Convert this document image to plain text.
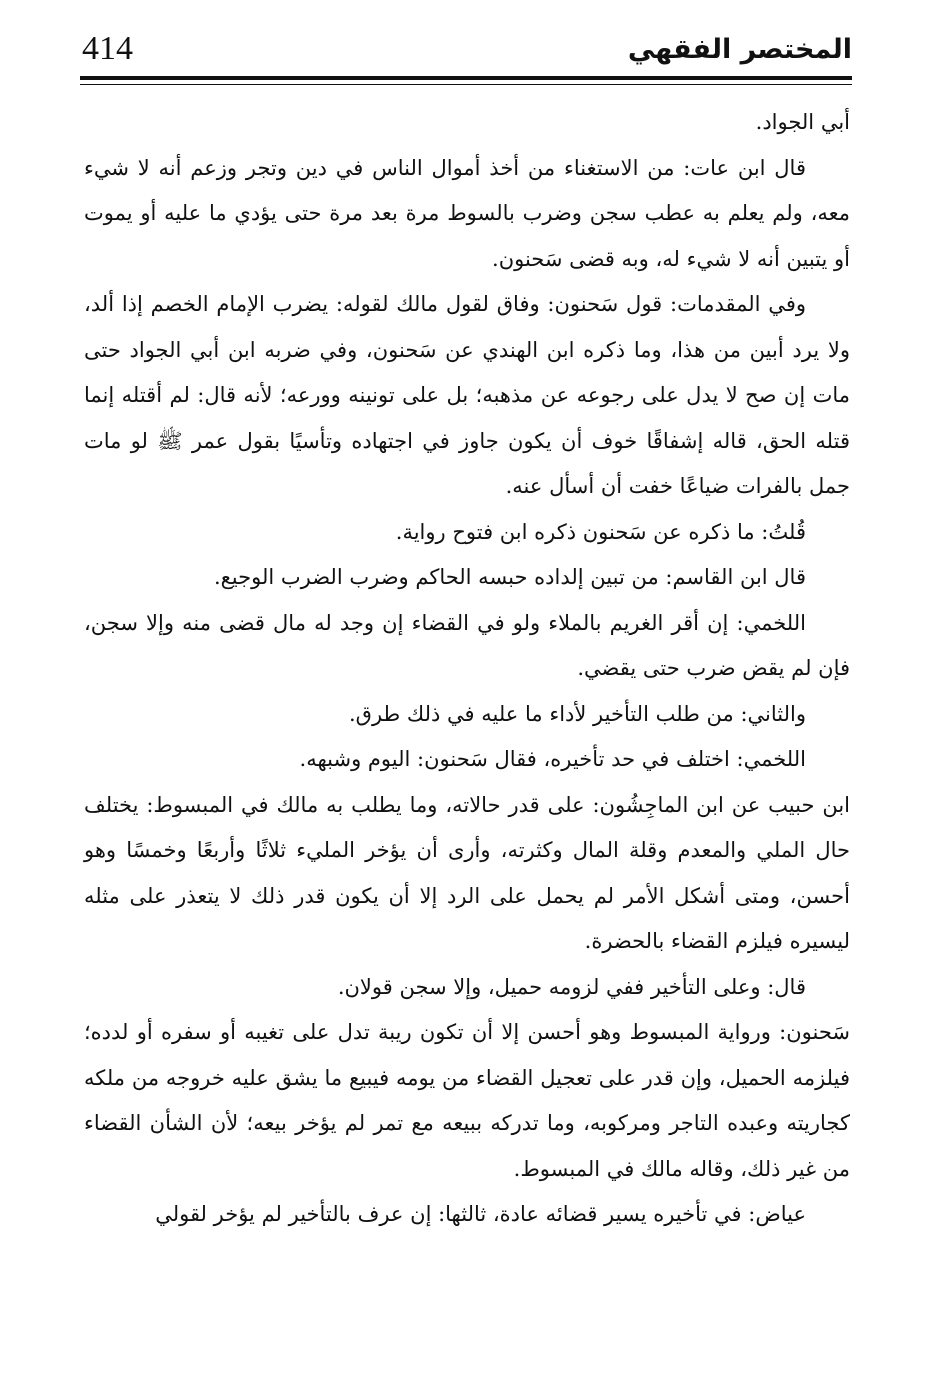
414	المختصر الفقهي

أبي الجواد.

قال ابن عات: من الاستغناء من أخذ أموال الناس في دين وتجر وزعم أنه لا شيء معه، ولم يعلم به عطب سجن وضرب بالسوط مرة بعد مرة حتى يؤدي ما عليه أو يموت أو يتبين أنه لا شيء له، وبه قضى سَحنون.

وفي المقدمات: قول سَحنون: وفاق لقول مالك لقوله: يضرب الإمام الخصم إذا ألد، ولا يرد أبين من هذا، وما ذكره ابن الهندي عن سَحنون، وفي ضربه ابن أبي الجواد حتى مات إن صح لا يدل على رجوعه عن مذهبه؛ بل على تونينه وورعه؛ لأنه قال: لم أقتله إنما قتله الحق، قاله إشفاقًا خوف أن يكون جاوز في اجتهاده وتأسيًا بقول عمر ﷺ لو مات جمل بالفرات ضياعًا خفت أن أسأل عنه.

قُلتُ: ما ذكره عن سَحنون ذكره ابن فتوح رواية.

قال ابن القاسم: من تبين إلداده حبسه الحاكم وضرب الضرب الوجيع.

اللخمي: إن أقر الغريم بالملاء ولو في القضاء إن وجد له مال قضى منه وإلا سجن، فإن لم يقض ضرب حتى يقضي.

والثاني: من طلب التأخير لأداء ما عليه في ذلك طرق.

اللخمي: اختلف في حد تأخيره، فقال سَحنون: اليوم وشبهه.

ابن حبيب عن ابن الماجِشُون: على قدر حالاته، وما يطلب به مالك في المبسوط: يختلف حال الملي والمعدم وقلة المال وكثرته، وأرى أن يؤخر المليء ثلاثًا وأربعًا وخمسًا وهو أحسن، ومتى أشكل الأمر لم يحمل على الرد إلا أن يكون قدر ذلك لا يتعذر على مثله ليسيره فيلزم القضاء بالحضرة.

قال: وعلى التأخير ففي لزومه حميل، وإلا سجن قولان.

سَحنون: ورواية المبسوط وهو أحسن إلا أن تكون ريبة تدل على تغيبه أو سفره أو لدده؛ فيلزمه الحميل، وإن قدر على تعجيل القضاء من يومه فيبيع ما يشق عليه خروجه من ملكه كجاريته وعبده التاجر ومركوبه، وما تدركه ببيعه مع تمر لم يؤخر بيعه؛ لأن الشأن القضاء من غير ذلك، وقاله مالك في المبسوط.

عياض: في تأخيره يسير قضائه عادة، ثالثها: إن عرف بالتأخير لم يؤخر لقولي
